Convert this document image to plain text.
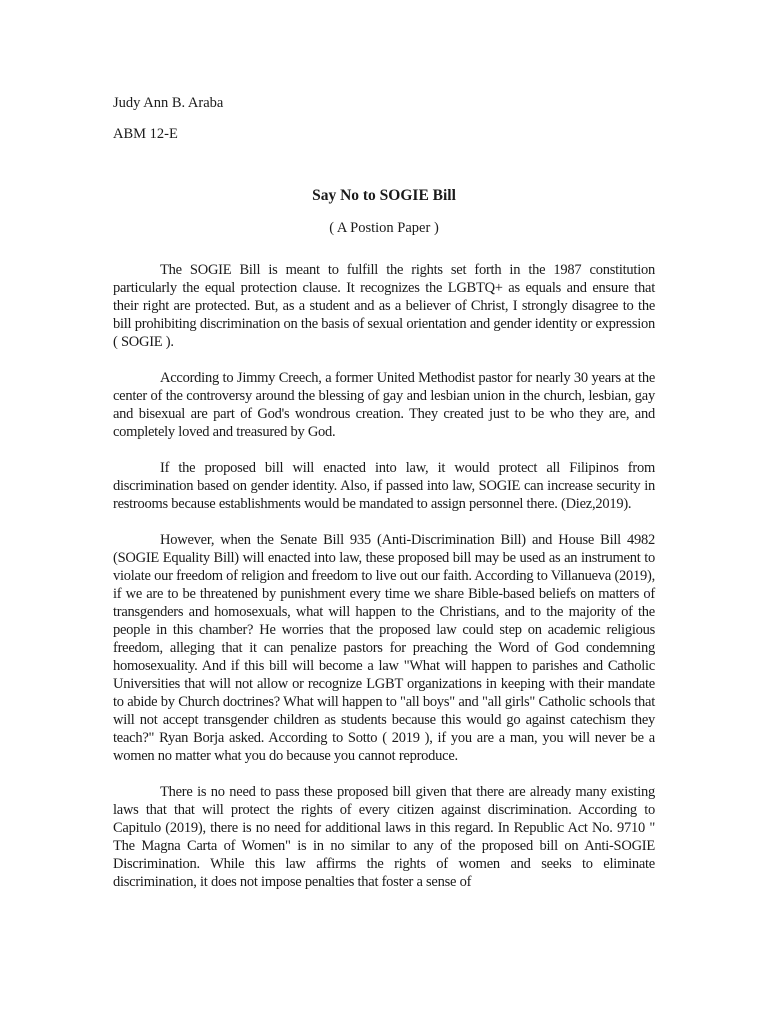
Judy Ann B. Araba
ABM 12-E
Say No to SOGIE Bill
( A Postion Paper )

The SOGIE Bill is meant to fulfill the rights set forth in the 1987 constitution particularly the equal protection clause. It recognizes the LGBTQ+ as equals and ensure that their right are protected. But, as a student and as a believer of Christ, I strongly disagree to the bill prohibiting discrimination on the basis of sexual orientation and gender identity or expression ( SOGIE ).

According to Jimmy Creech, a former United Methodist pastor for nearly 30 years at the center of the controversy around the blessing of gay and lesbian union in the church, lesbian, gay and bisexual are part of God's wondrous creation. They created just to be who they are, and completely loved and treasured by God.

If the proposed bill will enacted into law, it would protect all Filipinos from discrimination based on gender identity. Also, if passed into law, SOGIE can increase security in restrooms because establishments would be mandated to assign personnel there. (Diez,2019).

However, when the Senate Bill 935 (Anti-Discrimination Bill) and House Bill 4982 (SOGIE Equality Bill) will enacted into law, these proposed bill may be used as an instrument to violate our freedom of religion and freedom to live out our faith. According to Villanueva (2019), if we are to be threatened by punishment every time we share Bible-based beliefs on matters of transgenders and homosexuals, what will happen to the Christians, and to the majority of the people in this chamber? He worries that the proposed law could step on academic religious freedom, alleging that it can penalize pastors for preaching the Word of God condemning homosexuality. And if this bill will become a law "What will happen to parishes and Catholic Universities that will not allow or recognize LGBT organizations in keeping with their mandate to abide by Church doctrines? What will happen to "all boys" and "all girls" Catholic schools that will not accept transgender children as students because this would go against catechism they teach?" Ryan Borja asked. According to Sotto ( 2019 ), if you are a man, you will never be a women no matter what you do because you cannot reproduce.

There is no need to pass these proposed bill given that there are already many existing laws that that will protect the rights of every citizen against discrimination. According to Capitulo (2019), there is no need for additional laws in this regard. In Republic Act No. 9710 " The Magna Carta of Women" is in no similar to any of the proposed bill on Anti-SOGIE Discrimination. While this law affirms the rights of women and seeks to eliminate discrimination, it does not impose penalties that foster a sense of
